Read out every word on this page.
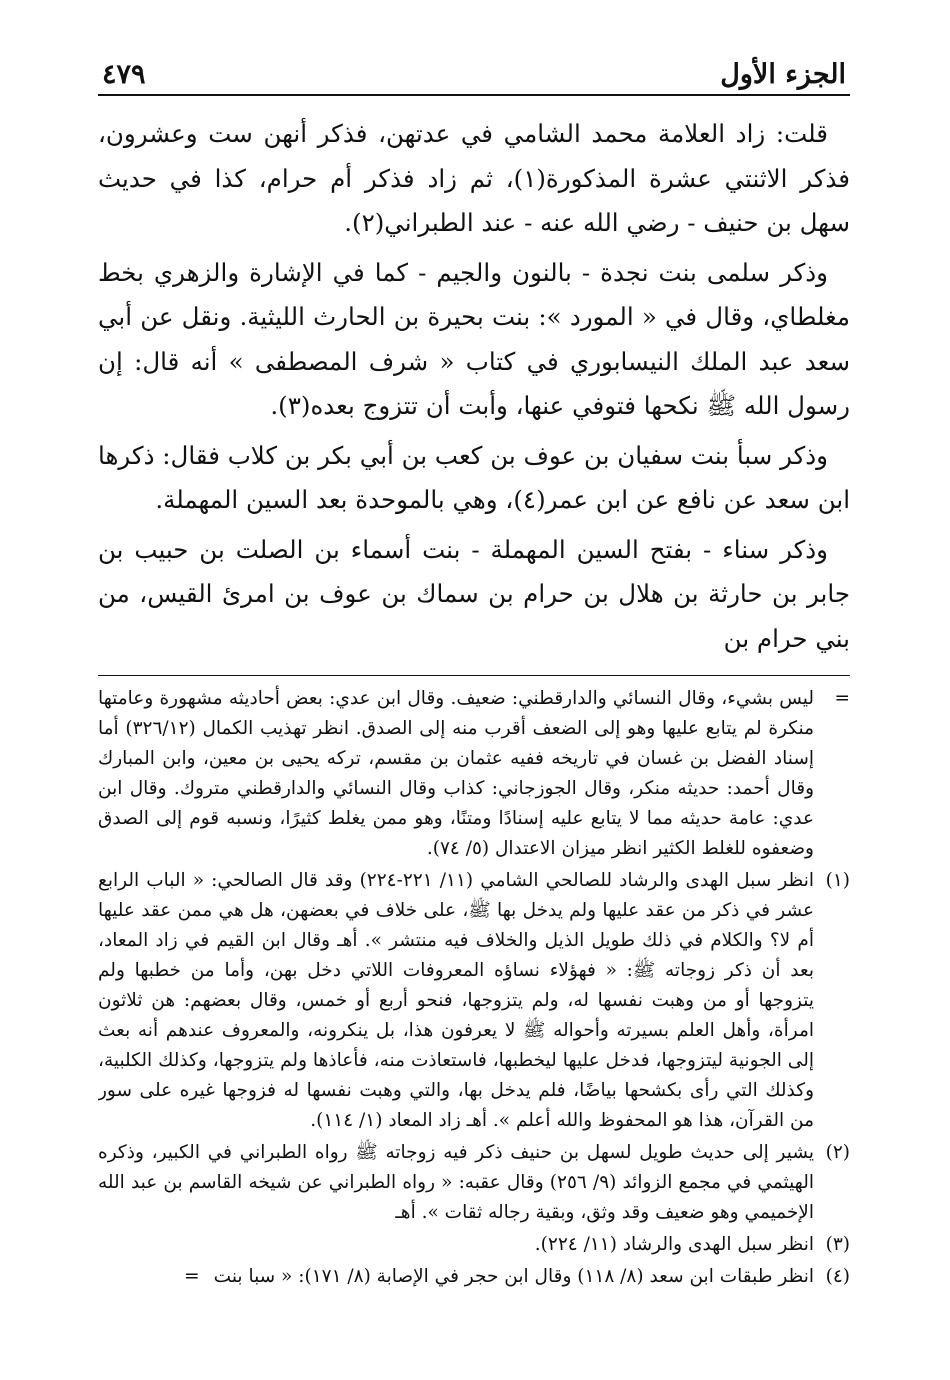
الجزء الأول
٤٧٩

قلت: زاد العلامة محمد الشامي في عدتهن، فذكر أنهن ست وعشرون، فذكر الاثنتي عشرة المذكورة(١)، ثم زاد فذكر أم حرام، كذا في حديث سهل بن حنيف - رضي الله عنه - عند الطبراني(٢).

وذكر سلمى بنت نجدة - بالنون والجيم - كما في الإشارة والزهري بخط مغلطاي، وقال في « المورد »: بنت بحيرة بن الحارث الليثية. ونقل عن أبي سعد عبد الملك النيسابوري في كتاب « شرف المصطفى » أنه قال: إن رسول الله ﷺ نكحها فتوفي عنها، وأبت أن تتزوج بعده(٣).

وذكر سبأ بنت سفيان بن عوف بن كعب بن أبي بكر بن كلاب فقال: ذكرها ابن سعد عن نافع عن ابن عمر(٤)، وهي بالموحدة بعد السين المهملة.

وذكر سناء - بفتح السين المهملة - بنت أسماء بن الصلت بن حبيب بن جابر بن حارثة بن هلال بن حرام بن سماك بن عوف بن امرئ القيس، من بني حرام بن

=
ليس بشيء، وقال النسائي والدارقطني: ضعيف. وقال ابن عدي: بعض أحاديثه مشهورة وعامتها منكرة لم يتابع عليها وهو إلى الضعف أقرب منه إلى الصدق. انظر تهذيب الكمال (٣٢٦/١٢) أما إسناد الفضل بن غسان في تاريخه ففيه عثمان بن مقسم، تركه يحيى بن معين، وابن المبارك وقال أحمد: حديثه منكر، وقال الجوزجاني: كذاب وقال النسائي والدارقطني متروك. وقال ابن عدي: عامة حديثه مما لا يتابع عليه إسنادًا ومتنًا، وهو ممن يغلط كثيرًا، ونسبه قوم إلى الصدق وضعفوه للغلط الكثير انظر ميزان الاعتدال (٥/ ٧٤).
(١)
انظر سبل الهدى والرشاد للصالحي الشامي (١١/ ٢٢١-٢٢٤) وقد قال الصالحي: « الباب الرابع عشر في ذكر من عقد عليها ولم يدخل بها ﷺ، على خلاف في بعضهن، هل هي ممن عقد عليها أم لا؟ والكلام في ذلك طويل الذيل والخلاف فيه منتشر ». أهـ وقال ابن القيم في زاد المعاد، بعد أن ذكر زوجاته ﷺ: « فهؤلاء نساؤه المعروفات اللاتي دخل بهن، وأما من خطبها ولم يتزوجها أو من وهبت نفسها له، ولم يتزوجها، فنحو أربع أو خمس، وقال بعضهم: هن ثلاثون امرأة، وأهل العلم بسيرته وأحواله ﷺ لا يعرفون هذا، بل ينكرونه، والمعروف عندهم أنه بعث إلى الجونية ليتزوجها، فدخل عليها ليخطبها، فاستعاذت منه، فأعاذها ولم يتزوجها، وكذلك الكلبية، وكذلك التي رأى بكشحها بياضًا، فلم يدخل بها، والتي وهبت نفسها له فزوجها غيره على سور من القرآن، هذا هو المحفوظ والله أعلم ». أهـ زاد المعاد (١/ ١١٤).
(٢)
يشير إلى حديث طويل لسهل بن حنيف ذكر فيه زوجاته ﷺ رواه الطبراني في الكبير، وذكره الهيثمي في مجمع الزوائد (٩/ ٢٥٦) وقال عقبه: « رواه الطبراني عن شيخه القاسم بن عبد الله الإخميمي وهو ضعيف وقد وثق، وبقية رجاله ثقات ». أهـ
(٣)
انظر سبل الهدى والرشاد (١١/ ٢٢٤).
(٤)
انظر طبقات ابن سعد (٨/ ١١٨) وقال ابن حجر في الإصابة (٨/ ١٧١): « سبا بنت=
